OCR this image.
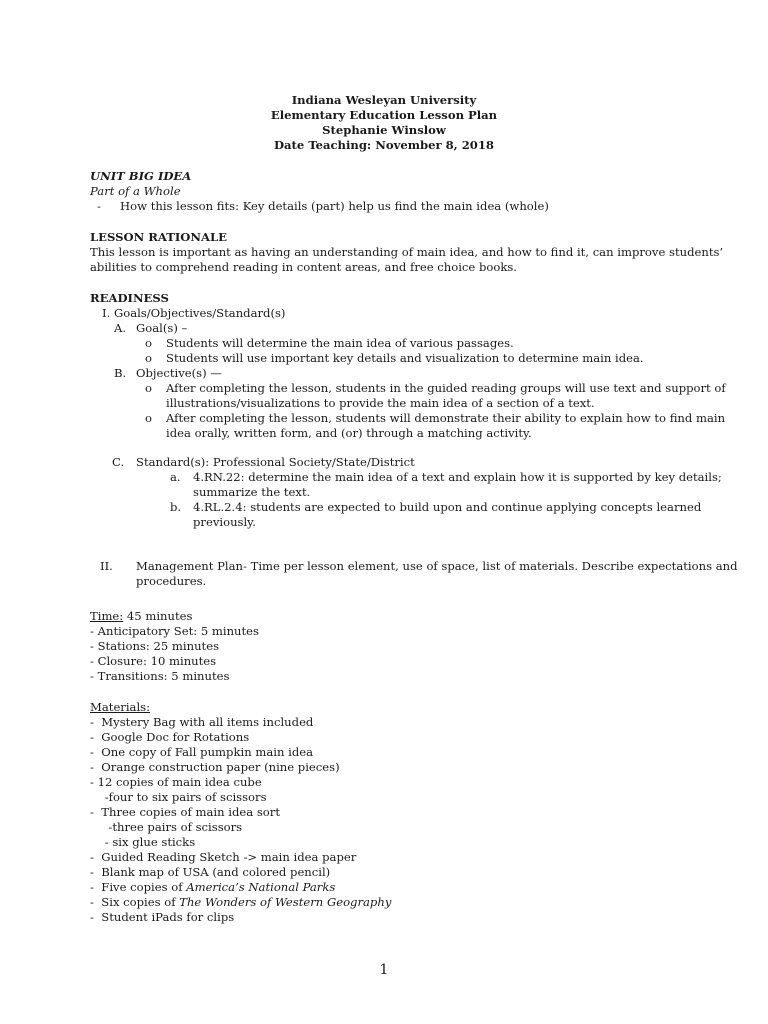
Indiana Wesleyan University
Elementary Education Lesson Plan
Stephanie Winslow
Date Teaching: November 8, 2018
UNIT BIG IDEA
Part of a Whole
- How this lesson fits: Key details (part) help us find the main idea (whole)
LESSON RATIONALE
This lesson is important as having an understanding of main idea, and how to find it, can improve students’
abilities to comprehend reading in content areas, and free choice books.
READINESS
I. Goals/Objectives/Standard(s)
A. Goal(s) –
o Students will determine the main idea of various passages.
o Students will use important key details and visualization to determine main idea.
B. Objective(s) —
o After completing the lesson, students in the guided reading groups will use text and support of
illustrations/visualizations to provide the main idea of a section of a text.
o After completing the lesson, students will demonstrate their ability to explain how to find main
idea orally, written form, and (or) through a matching activity.
C. Standard(s): Professional Society/State/District
a. 4.RN.22: determine the main idea of a text and explain how it is supported by key details;
summarize the text.
b. 4.RL.2.4: students are expected to build upon and continue applying concepts learned
previously.
II. Management Plan- Time per lesson element, use of space, list of materials. Describe expectations and
procedures.
Time: 45 minutes
- Anticipatory Set: 5 minutes
- Stations: 25 minutes
- Closure: 10 minutes
- Transitions: 5 minutes
Materials:
-  Mystery Bag with all items included
-  Google Doc for Rotations
-  One copy of Fall pumpkin main idea
-  Orange construction paper (nine pieces)
- 12 copies of main idea cube
-four to six pairs of scissors
-  Three copies of main idea sort
-three pairs of scissors
- six glue sticks
-  Guided Reading Sketch -> main idea paper
-  Blank map of USA (and colored pencil)
-  Five copies of America’s National Parks
-  Six copies of The Wonders of Western Geography
-  Student iPads for clips
1
